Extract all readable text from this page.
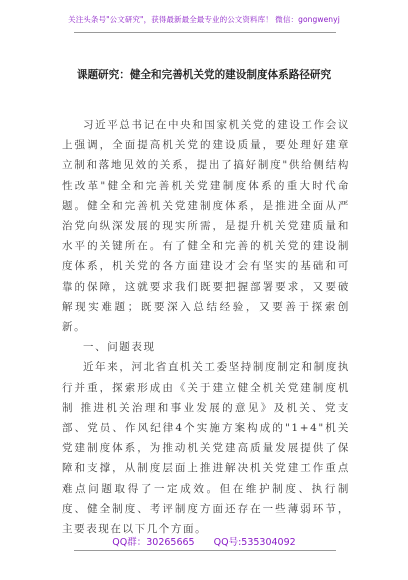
关注头条号"公文研究"，获得最新最全最专业的公文资料库！ 微信：gongwenyj
课题研究：健全和完善机关党的建设制度体系路径研究

习近平总书记在中央和国家机关党的建设工作会议上强调，全面提高机关党的建设质量，要处理好建章立制和落地见效的关系，提出了搞好制度"供给侧结构性改革"健全和完善机关党建制度体系的重大时代命题。健全和完善机关党建制度体系，是推进全面从严治党向纵深发展的现实所需，是提升机关党建质量和水平的关键所在。有了健全和完善的机关党的建设制度体系，机关党的各方面建设才会有坚实的基础和可靠的保障，这就要求我们既要把握部署要求，又要破解现实难题；既要深入总结经验，又要善于探索创新。

一、问题表现

近年来，河北省直机关工委坚持制度制定和制度执行并重，探索形成由《关于建立健全机关党建制度机制 推进机关治理和事业发展的意见》及机关、党支部、党员、作风纪律4个实施方案构成的"1+4"机关党建制度体系，为推动机关党建高质量发展提供了保障和支撑，从制度层面上推进解决机关党建工作重点难点问题取得了一定成效。但在维护制度、执行制度、健全制度、考评制度方面还存在一些薄弱环节，主要表现在以下几个方面。

QQ群：30265665 QQ号:535304092
